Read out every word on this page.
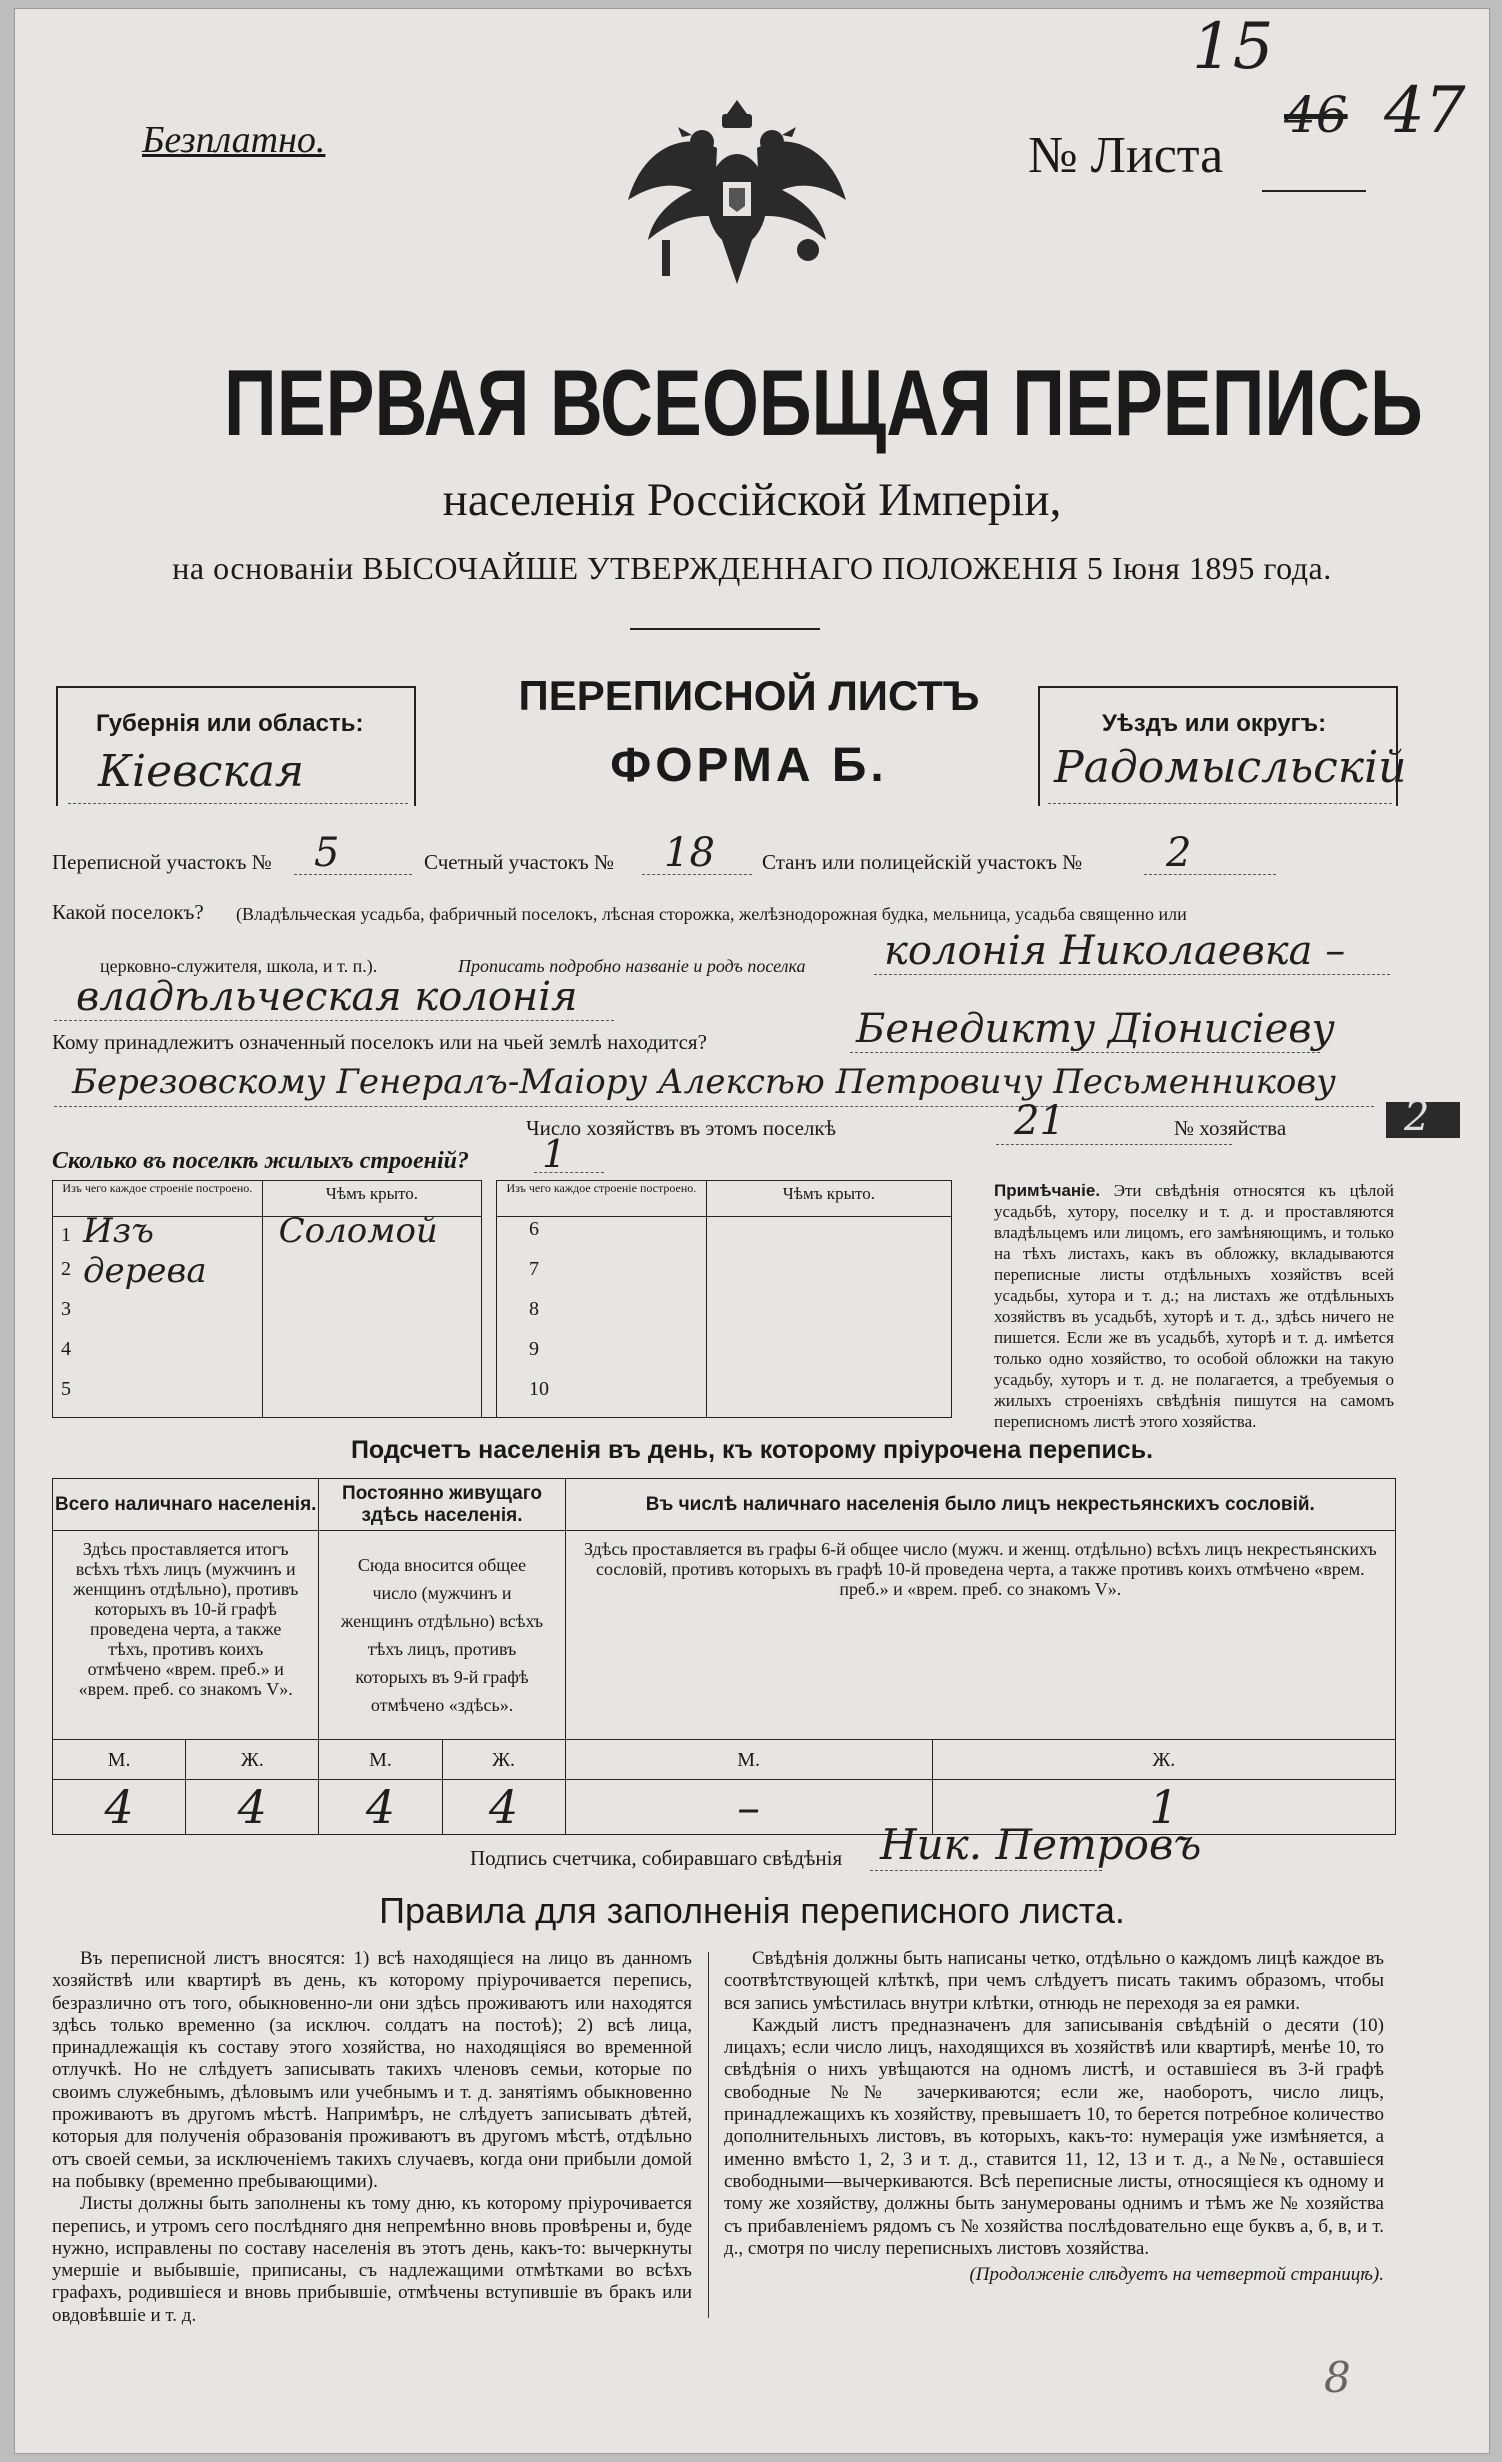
15
46 47
8
Безплатно.	№ Листа
ПЕРВАЯ ВСЕОБЩАЯ ПЕРЕПИСЬ
населенія Россійской Имперіи,
на основаніи ВЫСОЧАЙШЕ УТВЕРЖДЕННАГО ПОЛОЖЕНІЯ 5 Іюня 1895 года.
Губернія или область:
Кіевская
ПЕРЕПИСНОЙ ЛИСТЪ
ФОРМА Б.
Уѣздъ или округъ:
Радомысльскій
Переписной участокъ № 5	Счетный участокъ № 18 Станъ или полицейскій участокъ № 2
Какой поселокъ? (Владѣльческая усадьба, фабричный поселокъ, лѣсная сторожка, желѣзнодорожная будка, мельница, усадьба священно или
церковно-служителя, школа, и т. п.).	Прописать подробно названіе и родъ поселка колонія Николаевка –
владѣльческая колонія
Кому принадлежитъ означенный поселокъ или на чьей землѣ находится?	Бенедикту Діонисіеву
Березовскому Генералъ-Маіору Алексѣю Петровичу Песьменникову
Число хозяйствъ въ этомъ поселкѣ	21	№ хозяйства	2
Сколько въ поселкѣ жилыхъ строеній? 1
Изъ чего каждое строеніе построено.	Чѣмъ крыто.		Изъ чего каждое строеніе построено.	Чѣмъ крыто.

1 Изъ дерева	Соломой		6	
2			7	
3			8	
4			9	
5			10	
Примѣчаніе. Эти свѣдѣнія относятся къ цѣлой усадьбѣ, хутору, поселку и т. д. и проставляются владѣльцемъ или лицомъ, его замѣняющимъ, и только на тѣхъ листахъ, какъ въ обложку, вкладываются переписные листы отдѣльныхъ хозяйствъ всей усадьбы, хутора и т. д.; на листахъ же отдѣльныхъ хозяйствъ въ усадьбѣ, хуторѣ и т. д., здѣсь ничего не пишется. Если же въ усадьбѣ, хуторѣ и т. д. имѣется только одно хозяйство, то особой обложки на такую усадьбу, хуторъ и т. д. не полагается, а требуемыя о жилыхъ строеніяхъ свѣдѣнія пишутся на самомъ переписномъ листѣ этого хозяйства.
Подсчетъ населенія въ день, къ которому пріурочена перепись.
Всего наличнаго населенія.		Постоянно живущаго здѣсь населенія.		Въ числѣ наличнаго населенія было лицъ некрестьянскихъ сословій.	
Здѣсь проставляется итогъ всѣхъ тѣхъ лицъ (мужчинъ и женщинъ отдѣльно), противъ которыхъ въ 10-й графѣ проведена черта, а также тѣхъ, противъ коихъ отмѣчено «врем. преб.» и «врем. преб. со знакомъ V».		Сюда вносится общее число (мужчинъ и женщинъ отдѣльно) всѣхъ тѣхъ лицъ, противъ которыхъ въ 9-й графѣ отмѣчено «здѣсь».		Здѣсь проставляется въ графы 6-й общее число (мужч. и женщ. отдѣльно) всѣхъ лицъ некрестьянскихъ сословій, противъ которыхъ въ графѣ 10-й проведена черта, а также противъ коихъ отмѣчено «врем. преб.» и «врем. преб. со знакомъ V».	
М.	Ж.	М.	Ж.	М.	Ж.
4	4	4	4	–	1
Подпись счетчика, собиравшаго свѣдѣнія Ник. Петровъ
Правила для заполненія переписного листа.
Въ переписной листъ вносятся: 1) всѣ находящіеся на лицо въ данномъ хозяйствѣ или квартирѣ въ день, къ которому пріурочивается перепись, безразлично отъ того, обыкновенно-ли они здѣсь проживаютъ или находятся здѣсь только временно (за исключ. солдатъ на постоѣ); 2) всѣ лица, принадлежащія къ составу этого хозяйства, но находящіяся во временной отлучкѣ. Но не слѣдуетъ записывать такихъ членовъ семьи, которые по своимъ служебнымъ, дѣловымъ или учебнымъ и т. д. занятіямъ обыкновенно проживаютъ въ другомъ мѣстѣ. Напримѣръ, не слѣдуетъ записывать дѣтей, которыя для полученія образованія проживаютъ въ другомъ мѣстѣ, отдѣльно отъ своей семьи, за исключеніемъ такихъ случаевъ, когда они прибыли домой на побывку (временно пребывающими).
Листы должны быть заполнены къ тому дню, къ которому пріурочивается перепись, и утромъ сего послѣдняго дня непремѣнно вновь провѣрены и, буде нужно, исправлены по составу населенія въ этотъ день, какъ-то: вычеркнуты умершіе и выбывшіе, приписаны, съ надлежащими отмѣтками во всѣхъ графахъ, родившіеся и вновь прибывшіе, отмѣчены вступившіе въ бракъ или овдовѣвшіе и т. д.
Свѣдѣнія должны быть написаны четко, отдѣльно о каждомъ лицѣ каждое въ соотвѣтствующей клѣткѣ, при чемъ слѣдуетъ писать такимъ образомъ, чтобы вся запись умѣстилась внутри клѣтки, отнюдь не переходя за ея рамки.
Каждый листъ предназначенъ для записыванія свѣдѣній о десяти (10) лицахъ; если число лицъ, находящихся въ хозяйствѣ или квартирѣ, менѣе 10, то свѣдѣнія о нихъ увѣщаются на одномъ листѣ, и оставшіеся въ 3-й графѣ свободные №№ зачеркиваются; если же, наоборотъ, число лицъ, принадлежащихъ къ хозяйству, превышаетъ 10, то берется потребное количество дополнительныхъ листовъ, въ которыхъ, какъ-то: нумерація уже измѣняется, а именно вмѣсто 1, 2, 3 и т. д., ставится 11, 12, 13 и т. д., а №№, оставшіеся свободными—вычеркиваются. Всѣ переписные листы, относящіеся къ одному и тому же хозяйству, должны быть занумерованы однимъ и тѣмъ же № хозяйства съ прибавленіемъ рядомъ съ № хозяйства послѣдовательно еще буквъ а, б, в, и т. д., смотря по числу переписныхъ листовъ хозяйства.
(Продолженіе слѣдуетъ на четвертой страницѣ).
